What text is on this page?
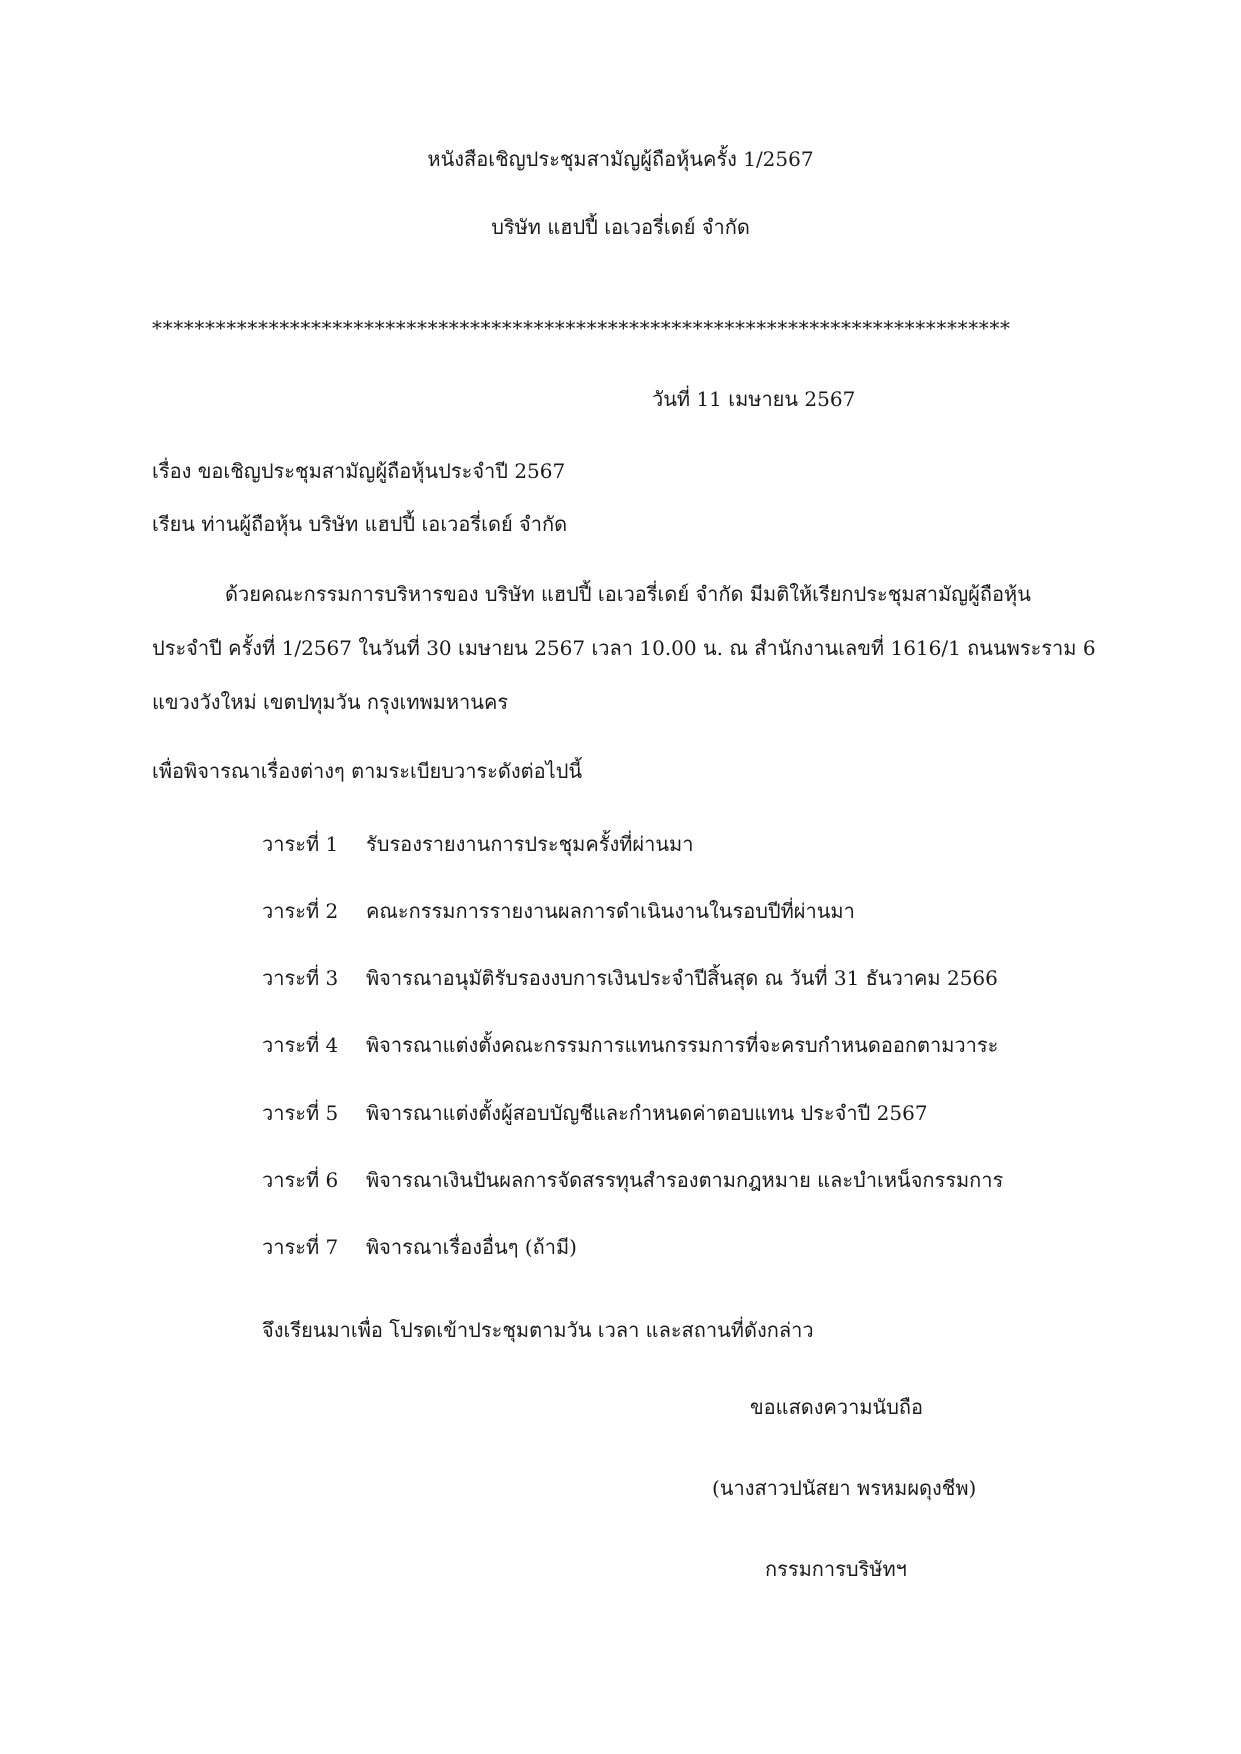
หนังสือเชิญประชุมสามัญผู้ถือหุ้นครั้ง 1/2567
บริษัท แฮปปี้ เอเวอรี่เดย์ จำกัด
*********************************************************************************
วันที่ 11 เมษายน 2567
เรื่อง ขอเชิญประชุมสามัญผู้ถือหุ้นประจำปี 2567
เรียน ท่านผู้ถือหุ้น บริษัท แฮปปี้ เอเวอรี่เดย์ จำกัด
ด้วยคณะกรรมการบริหารของ บริษัท แฮปปี้ เอเวอรี่เดย์ จำกัด มีมติให้เรียกประชุมสามัญผู้ถือหุ้น
ประจำปี ครั้งที่ 1/2567 ในวันที่ 30 เมษายน 2567 เวลา 10.00 น. ณ สำนักงานเลขที่ 1616/1 ถนนพระราม 6
แขวงวังใหม่ เขตปทุมวัน กรุงเทพมหานคร
เพื่อพิจารณาเรื่องต่างๆ ตามระเบียบวาระดังต่อไปนี้
วาระที่ 1 รับรองรายงานการประชุมครั้งที่ผ่านมา
วาระที่ 2 คณะกรรมการรายงานผลการดำเนินงานในรอบปีที่ผ่านมา
วาระที่ 3 พิจารณาอนุมัติรับรองงบการเงินประจำปีสิ้นสุด ณ วันที่ 31 ธันวาคม 2566
วาระที่ 4 พิจารณาแต่งตั้งคณะกรรมการแทนกรรมการที่จะครบกำหนดออกตามวาระ
วาระที่ 5 พิจารณาแต่งตั้งผู้สอบบัญชีและกำหนดค่าตอบแทน ประจำปี 2567
วาระที่ 6 พิจารณาเงินปันผลการจัดสรรทุนสำรองตามกฎหมาย และบำเหน็จกรรมการ
วาระที่ 7 พิจารณาเรื่องอื่นๆ (ถ้ามี)
จึงเรียนมาเพื่อ โปรดเข้าประชุมตามวัน เวลา และสถานที่ดังกล่าว
ขอแสดงความนับถือ
(นางสาวปนัสยา พรหมผดุงชีพ)
กรรมการบริษัทฯ
